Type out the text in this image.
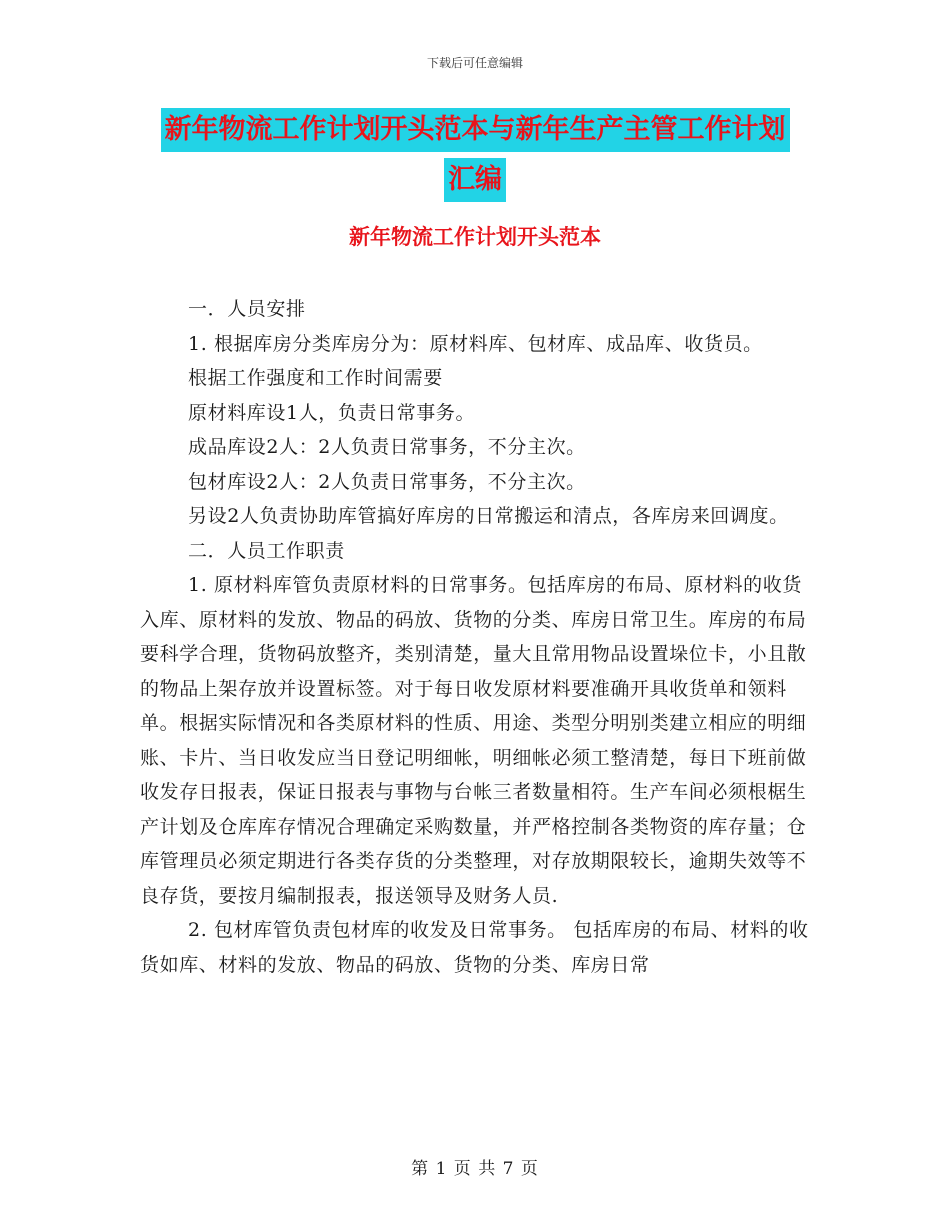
下载后可任意编辑
新年物流工作计划开头范本与新年生产主管工作计划
汇编
新年物流工作计划开头范本

一．人员安排

1. 根据库房分类库房分为：原材料库、包材库、成品库、收货员。

根据工作强度和工作时间需要

原材料库设1人，负责日常事务。

成品库设2人：2人负责日常事务，不分主次。

包材库设2人：2人负责日常事务，不分主次。

另设2人负责协助库管搞好库房的日常搬运和清点，各库房来回调度。

二．人员工作职责

1. 原材料库管负责原材料的日常事务。包括库房的布局、原材料的收货入库、原材料的发放、物品的码放、货物的分类、库房日常卫生。库房的布局要科学合理，货物码放整齐，类别清楚，量大且常用物品设置垛位卡，小且散的物品上架存放并设置标签。对于每日收发原材料要准确开具收货单和领料单。根据实际情况和各类原材料的性质、用途、类型分明别类建立相应的明细账、卡片、当日收发应当日登记明细帐，明细帐必须工整清楚，每日下班前做收发存日报表，保证日报表与事物与台帐三者数量相符。生产车间必须根椐生产计划及仓库库存情况合理确定采购数量，并严格控制各类物资的库存量；仓库管理员必须定期进行各类存货的分类整理，对存放期限较长，逾期失效等不良存货，要按月编制报表，报送领导及财务人员.

2. 包材库管负责包材库的收发及日常事务。 包括库房的布局、材料的收货如库、材料的发放、物品的码放、货物的分类、库房日常

第 1 页 共 7 页
